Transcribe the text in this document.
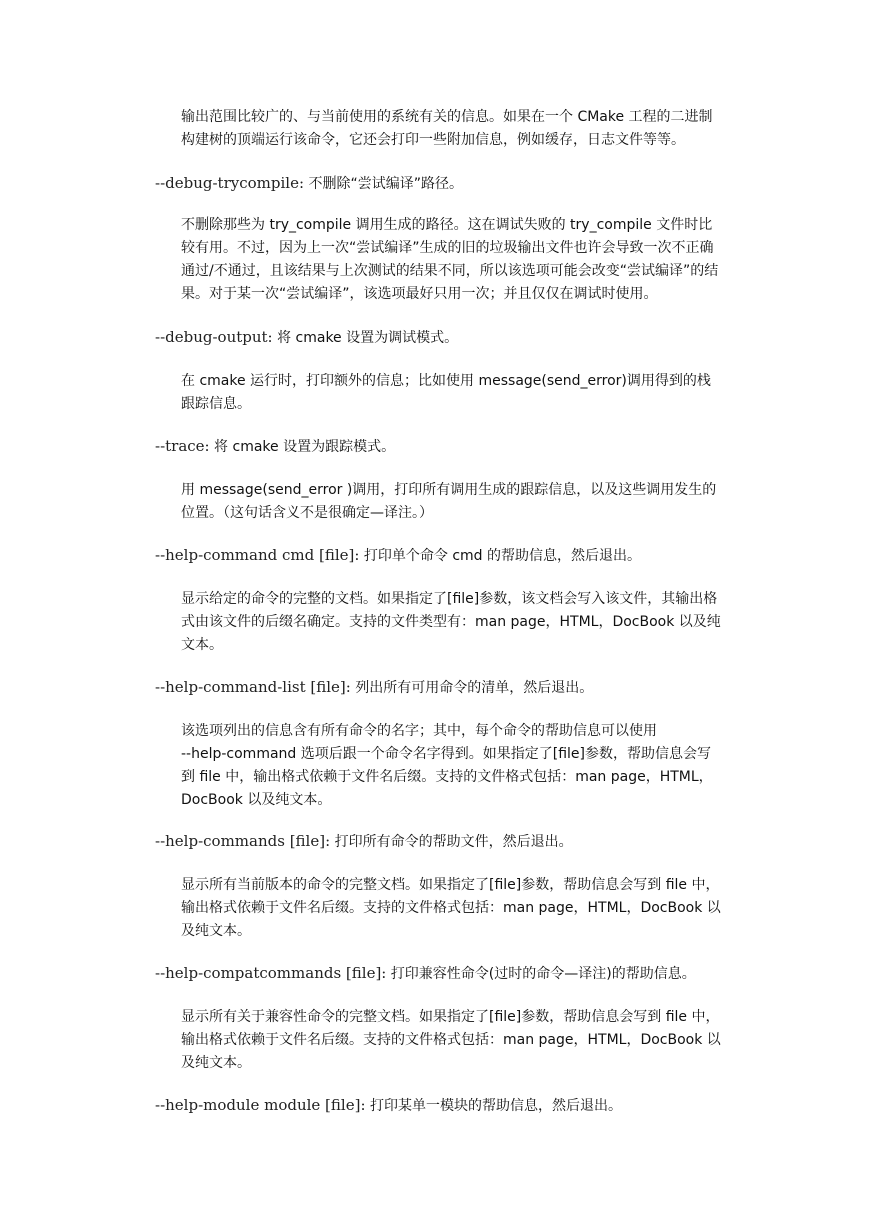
输出范围比较广的、与当前使用的系统有关的信息。如果在一个 CMake 工程的二进制
构建树的顶端运行该命令，它还会打印一些附加信息，例如缓存，日志文件等等。
--debug-trycompile: 不删除“尝试编译”路径。
不删除那些为 try_compile 调用生成的路径。这在调试失败的 try_compile 文件时比
较有用。不过，因为上一次“尝试编译”生成的旧的垃圾输出文件也许会导致一次不正确
通过/不通过，且该结果与上次测试的结果不同，所以该选项可能会改变“尝试编译”的结
果。对于某一次“尝试编译”，该选项最好只用一次；并且仅仅在调试时使用。
--debug-output: 将 cmake 设置为调试模式。
在 cmake 运行时，打印额外的信息；比如使用 message(send_error)调用得到的栈
跟踪信息。
--trace: 将 cmake 设置为跟踪模式。
用 message(send_error )调用，打印所有调用生成的跟踪信息，以及这些调用发生的
位置。（这句话含义不是很确定—译注。）
--help-command cmd [file]: 打印单个命令 cmd 的帮助信息，然后退出。
显示给定的命令的完整的文档。如果指定了[file]参数，该文档会写入该文件，其输出格
式由该文件的后缀名确定。支持的文件类型有：man page，HTML，DocBook 以及纯
文本。
--help-command-list [file]: 列出所有可用命令的清单，然后退出。
该选项列出的信息含有所有命令的名字；其中，每个命令的帮助信息可以使用
--help-command 选项后跟一个命令名字得到。如果指定了[file]参数，帮助信息会写
到 file 中，输出格式依赖于文件名后缀。支持的文件格式包括：man page，HTML，
DocBook 以及纯文本。
--help-commands [file]: 打印所有命令的帮助文件，然后退出。
显示所有当前版本的命令的完整文档。如果指定了[file]参数，帮助信息会写到 file 中，
输出格式依赖于文件名后缀。支持的文件格式包括：man page，HTML，DocBook 以
及纯文本。
--help-compatcommands [file]: 打印兼容性命令(过时的命令—译注)的帮助信息。
显示所有关于兼容性命令的完整文档。如果指定了[file]参数，帮助信息会写到 file 中，
输出格式依赖于文件名后缀。支持的文件格式包括：man page，HTML，DocBook 以
及纯文本。
--help-module module [file]: 打印某单一模块的帮助信息，然后退出。
